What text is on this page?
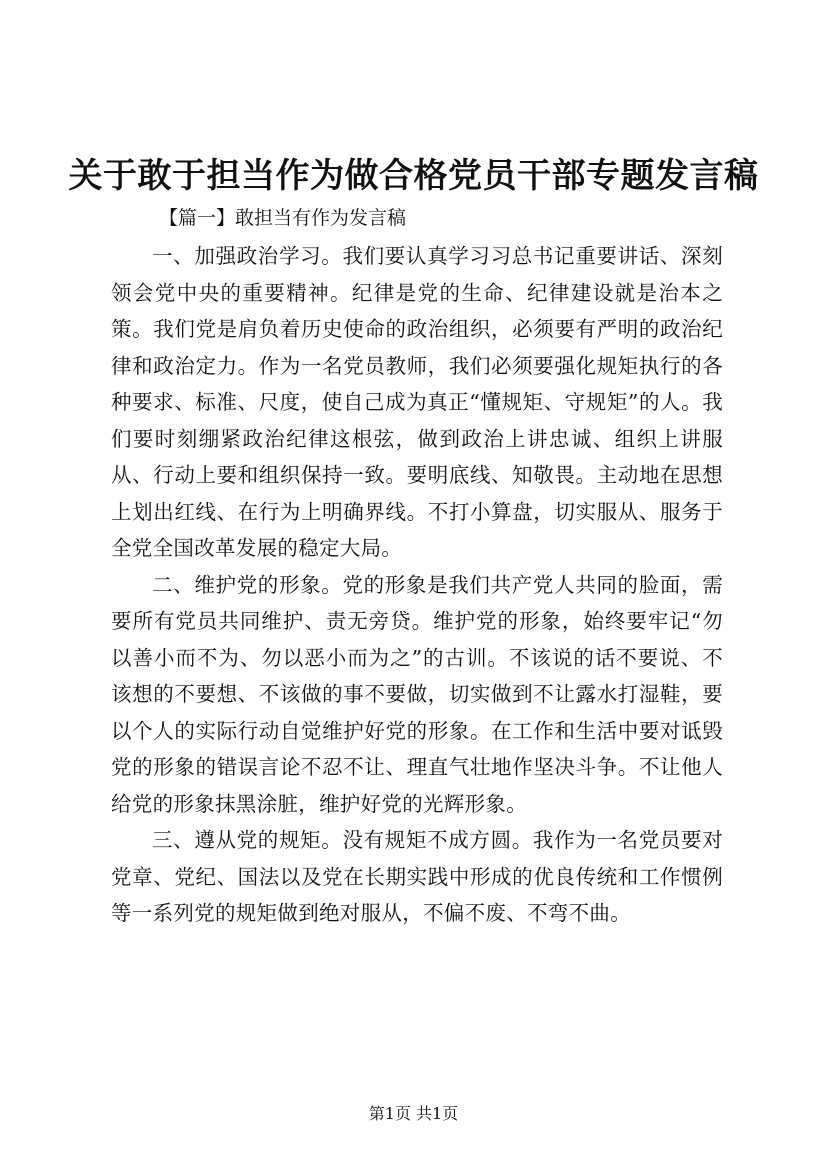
关于敢于担当作为做合格党员干部专题发言稿

【篇一】敢担当有作为发言稿

一、加强政治学习。我们要认真学习习总书记重要讲话、深刻领会党中央的重要精神。纪律是党的生命、纪律建设就是治本之策。我们党是肩负着历史使命的政治组织，必须要有严明的政治纪律和政治定力。作为一名党员教师，我们必须要强化规矩执行的各种要求、标准、尺度，使自己成为真正“懂规矩、守规矩”的人。我们要时刻绷紧政治纪律这根弦，做到政治上讲忠诚、组织上讲服从、行动上要和组织保持一致。要明底线、知敬畏。主动地在思想上划出红线、在行为上明确界线。不打小算盘，切实服从、服务于全党全国改革发展的稳定大局。

二、维护党的形象。党的形象是我们共产党人共同的脸面，需要所有党员共同维护、责无旁贷。维护党的形象，始终要牢记“勿以善小而不为、勿以恶小而为之”的古训。不该说的话不要说、不该想的不要想、不该做的事不要做，切实做到不让露水打湿鞋，要以个人的实际行动自觉维护好党的形象。在工作和生活中要对诋毁党的形象的错误言论不忍不让、理直气壮地作坚决斗争。不让他人给党的形象抹黑涂脏，维护好党的光辉形象。

三、遵从党的规矩。没有规矩不成方圆。我作为一名党员要对党章、党纪、国法以及党在长期实践中形成的优良传统和工作惯例等一系列党的规矩做到绝对服从，不偏不废、不弯不曲。

第1页 共1页
